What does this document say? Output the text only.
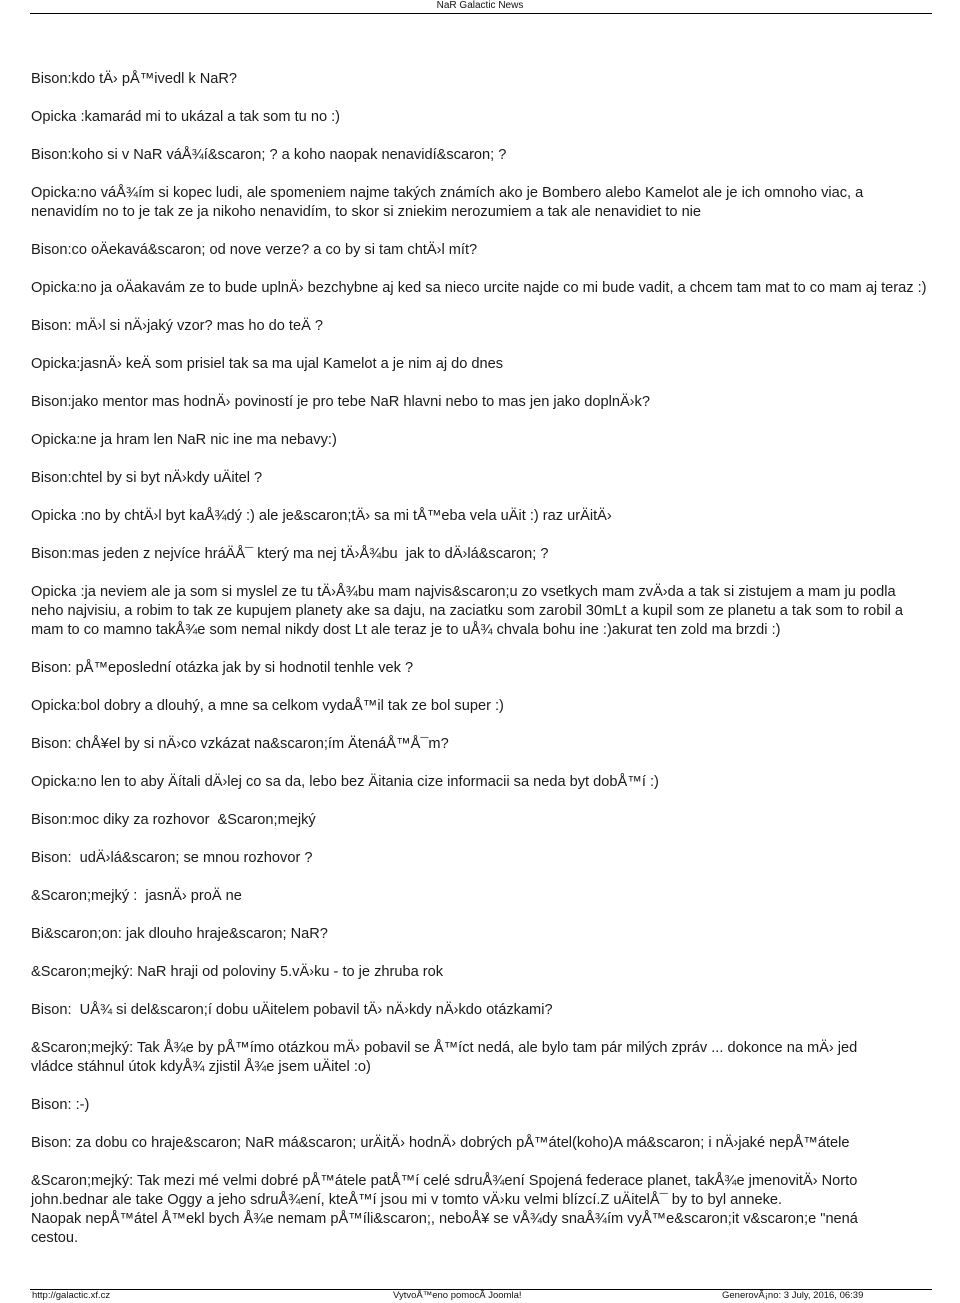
NaR Galactic News

Bison:kdo tÄ› pÅ™ivedl k NaR?

Opicka :kamarád mi to ukázal a tak som tu no :)

Bison:koho si v NaR váÅ¾í&scaron; ? a koho naopak nenavidí&scaron; ?

Opicka:no váÅ¾ím si kopec ludi, ale spomeniem najme takých známích ako je Bombero alebo Kamelot ale je ich omnoho viac, a nenavidím no to je tak ze ja nikoho nenavidím, to skor si zniekim nerozumiem a tak ale nenavidiet to nie

Bison:co oÄekavá&scaron; od nove verze? a co by si tam chtÄ›l mít?

Opicka:no ja oÄakavám ze to bude uplnÄ› bezchybne aj ked sa nieco urcite najde co mi bude vadit, a chcem tam mat to co mam aj teraz :)

Bison: mÄ›l si nÄ›jaký vzor? mas ho do teÄ ?

Opicka:jasnÄ› keÄ som prisiel tak sa ma ujal Kamelot a je nim aj do dnes

Bison:jako mentor mas hodnÄ› poviností je pro tebe NaR hlavni nebo to mas jen jako doplnÄ›k?

Opicka:ne ja hram len NaR nic ine ma nebavy:)

Bison:chtel by si byt nÄ›kdy uÄitel ?

Opicka :no by chtÄ›l byt kaÅ¾dý :) ale je&scaron;tÄ› sa mi tÅ™eba vela uÄit :) raz urÄitÄ›

Bison:mas jeden z nejvíce hráÄÅ¯ který ma nej tÄ›Å¾bu  jak to dÄ›lá&scaron; ?

Opicka :ja neviem ale ja som si myslel ze tu tÄ›Å¾bu mam najvis&scaron;u zo vsetkych mam zvÄ›da a tak si zistujem a mam ju podla neho najvisiu, a robim to tak ze kupujem planety ake sa daju, na zaciatku som zarobil 30mLt a kupil som ze planetu a tak som to robil a mam to co mamno takÅ¾e som nemal nikdy dost Lt ale teraz je to uÅ¾ chvala bohu ine :)akurat ten zold ma brzdi :)

Bison: pÅ™eposlední otázka jak by si hodnotil tenhle vek ?

Opicka:bol dobry a dlouhý, a mne sa celkom vydaÅ™il tak ze bol super :)

Bison: chÅ¥el by si nÄ›co vzkázat na&scaron;ím ÄtenáÅ™Å¯m?

Opicka:no len to aby Äítali dÄ›lej co sa da, lebo bez Äitania cize informacii sa neda byt dobÅ™í :)

Bison:moc diky za rozhovor  &Scaron;mejký

Bison:  udÄ›lá&scaron; se mnou rozhovor ?

&Scaron;mejký :  jasnÄ› proÄ ne

Bi&scaron;on: jak dlouho hraje&scaron; NaR?

&Scaron;mejký: NaR hraji od poloviny 5.vÄ›ku - to je zhruba rok

Bison:  UÅ¾ si del&scaron;í dobu uÄitelem pobavil tÄ› nÄ›kdy nÄ›kdo otázkami?

&Scaron;mejký: Tak Å¾e by pÅ™ímo otázkou mÄ› pobavil se Å™íct nedá, ale bylo tam pár milých zpráv ... dokonce na mÄ› jed
vládce stáhnul útok kdyÅ¾ zjistil Å¾e jsem uÄitel :o)

Bison: :-)

Bison: za dobu co hraje&scaron; NaR má&scaron; urÄitÄ› hodnÄ› dobrých pÅ™átel(koho)A má&scaron; i nÄ›jaké nepÅ™átele

&Scaron;mejký: Tak mezi mé velmi dobré pÅ™átele patÅ™í celé sdruÅ¾ení Spojená federace planet, takÅ¾e jmenovitÄ› Norto
john.bednar ale take Oggy a jeho sdruÅ¾ení, kteÅ™í jsou mi v tomto vÄ›ku velmi blízcí.Z uÄitelÅ¯ by to byl anneke.
Naopak nepÅ™átel Å™ekl bych Å¾e nemam pÅ™íli&scaron;, neboÅ¥ se vÅ¾dy snaÅ¾ím vyÅ™e&scaron;it v&scaron;e "nená
cestou.

http://galactic.xf.cz	VytvoÅ™eno pomocÃ Joomla!	GenerovÃ¡no: 3 July, 2016, 06:39
